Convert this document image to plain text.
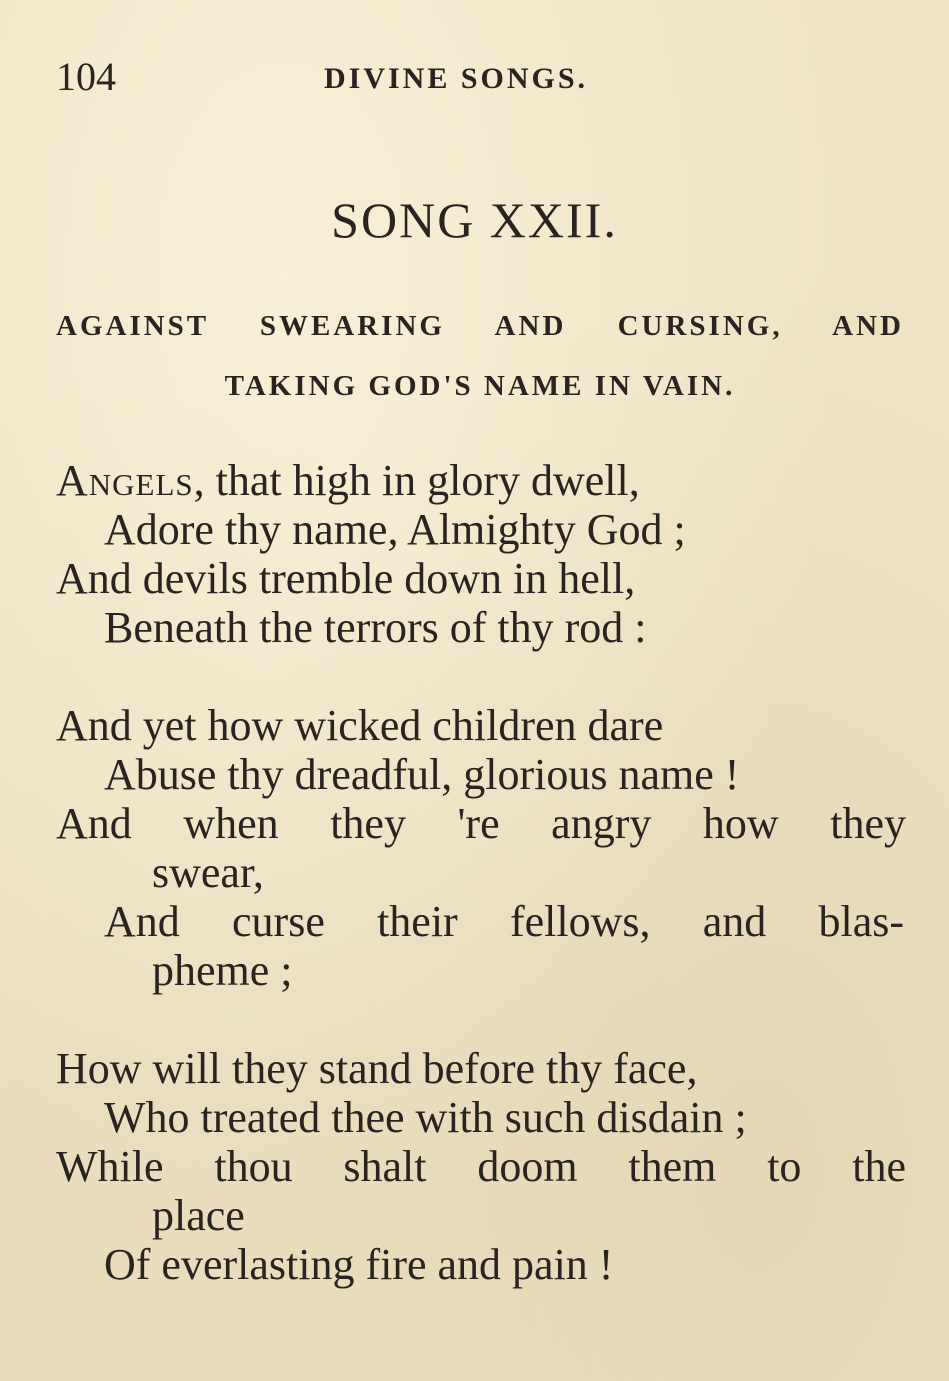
104	DIVINE SONGS.
SONG XXII.
AGAINST SWEARING AND CURSING, AND
TAKING GOD'S NAME IN VAIN.
Angels, that high in glory dwell,
Adore thy name, Almighty God ;
And devils tremble down in hell,
Beneath the terrors of thy rod :
And yet how wicked children dare
Abuse thy dreadful, glorious name !
And when they 're angry how they
swear,
And curse their fellows, and blas-
pheme ;
How will they stand before thy face,
Who treated thee with such disdain ;
While thou shalt doom them to the
place
Of everlasting fire and pain !
